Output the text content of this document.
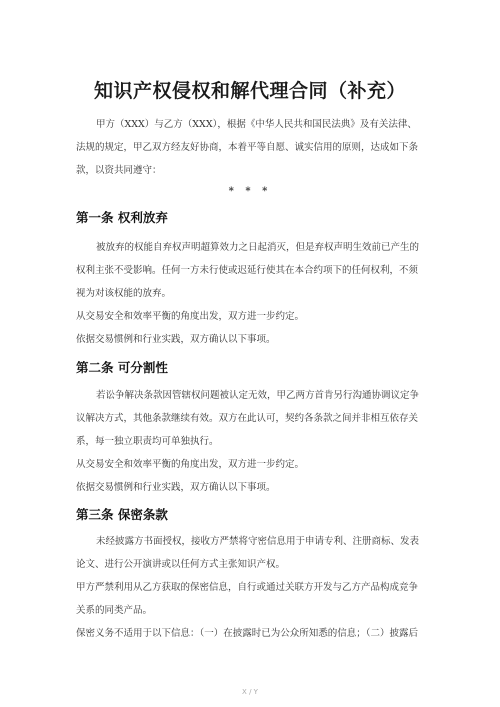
知识产权侵权和解代理合同（补充）
甲方（XXX）与乙方（XXX），根据《中华人民共和国民法典》及有关法律、法规的规定，甲乙双方经友好协商，本着平等自愿、诚实信用的原则，达成如下条款，以资共同遵守：
* * *
第一条 权利放弃
被放弃的权能自弃权声明超算效力之日起消灭，但是弃权声明生效前已产生的权利主张不受影响。任何一方未行使或迟延行使其在本合约项下的任何权利，不须视为对该权能的放弃。
从交易安全和效率平衡的角度出发，双方进一步约定。
依据交易惯例和行业实践，双方确认以下事项。
第二条 可分割性
若讼争解决条款因管辖权问题被认定无效，甲乙两方首肯另行沟通协调议定争议解决方式，其他条款继续有效。双方在此认可，契约各条款之间并非相互依存关系，每一独立职责均可单独执行。
从交易安全和效率平衡的角度出发，双方进一步约定。
依据交易惯例和行业实践，双方确认以下事项。
第三条 保密条款
未经披露方书面授权，接收方严禁将守密信息用于申请专利、注册商标、发表论文、进行公开演讲或以任何方式主张知识产权。
甲方严禁利用从乙方获取的保密信息，自行或通过关联方开发与乙方产品构成竞争关系的同类产品。
保密义务不适用于以下信息：（一）在披露时已为公众所知悉的信息；（二）披露后
X / Y
